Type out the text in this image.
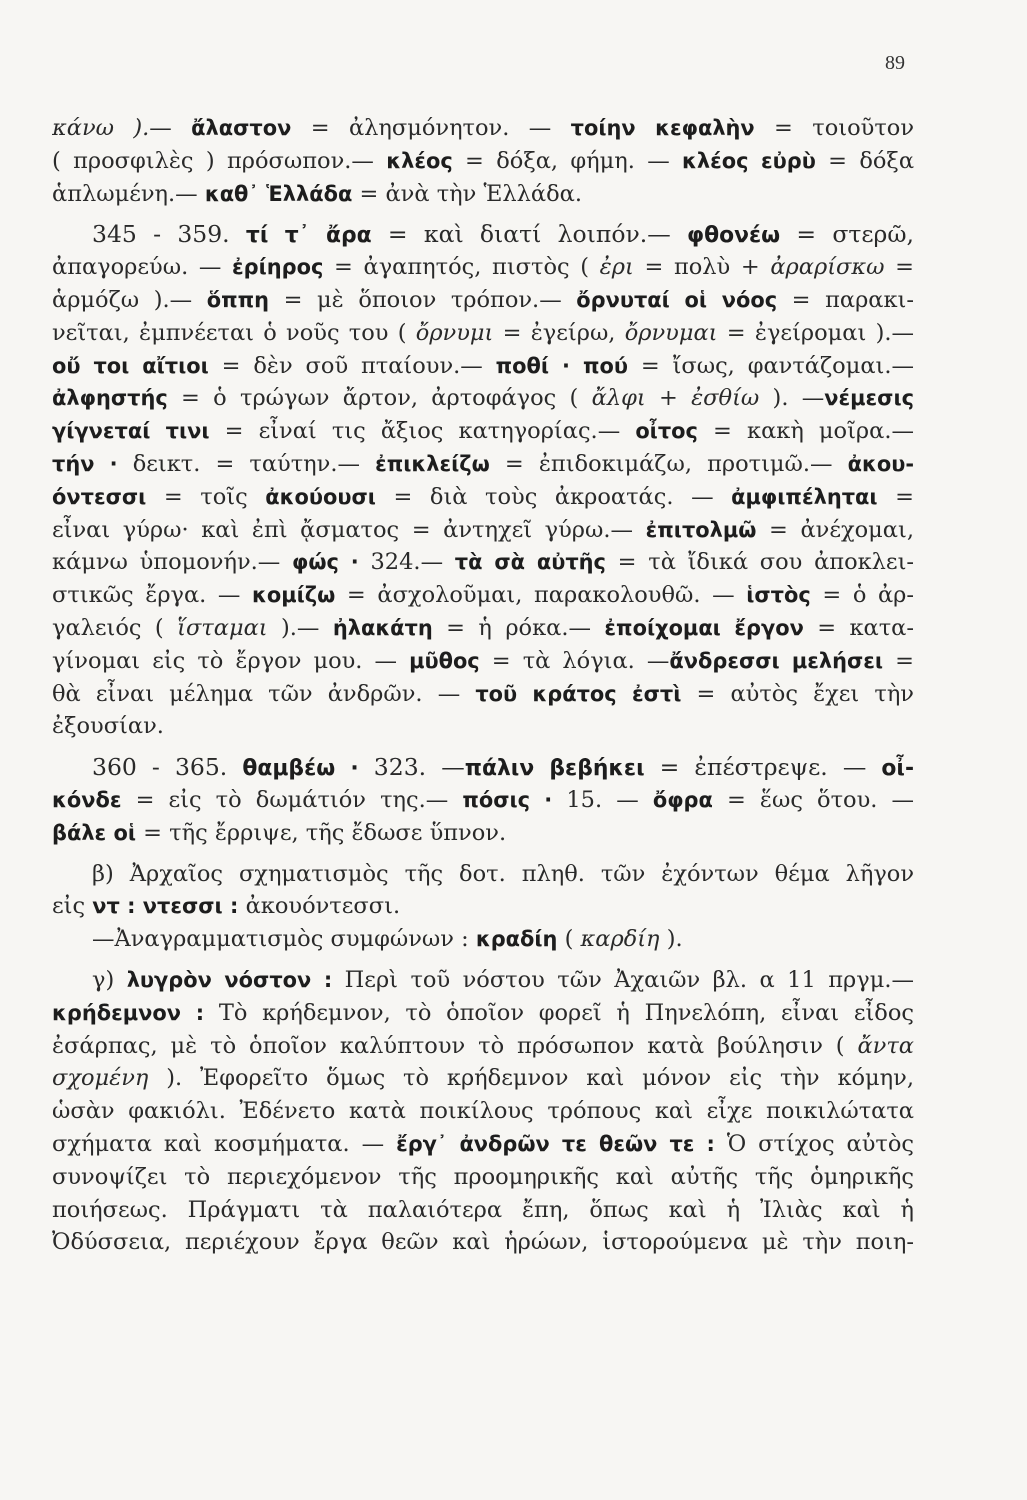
89
κάνω ).— ἄλαστον = ἀλησμόνητον. — τοίην κεφαλὴν = τοιοῦτον
( προσφιλὲς ) πρόσωπον.— κλέος = δόξα, φήμη. — κλέος εὐρὺ = δόξα
ἁπλωμένη.— καθ᾽ Ἑλλάδα = ἀνὰ τὴν Ἑλλάδα.
345 - 359. τί τ᾽ ἄρα = καὶ διατί λοιπόν.— φθονέω = στερῶ,
ἀπαγορεύω. — ἐρίηρος = ἀγαπητός, πιστὸς ( ἐρι = πολὺ + ἀραρίσκω =
ἁρμόζω ).— ὅππη = μὲ ὅποιον τρόπον.— ὄρνυταί οἱ νόος = παρακι-
νεῖται, ἐμπνέεται ὁ νοῦς του ( ὄρνυμι = ἐγείρω, ὄρνυμαι = ἐγείρομαι ).—
οὔ τοι αἴτιοι = δὲν σοῦ πταίουν.— ποθί · πού = ἴσως, φαντάζομαι.—
ἀλφηστής = ὁ τρώγων ἄρτον, ἀρτοφάγος ( ἄλφι + ἐσθίω ). —νέμεσις
γίγνεταί τινι = εἶναί τις ἄξιος κατηγορίας.— οἶτος = κακὴ μοῖρα.—
τήν · δεικτ. = ταύτην.— ἐπικλείζω = ἐπιδοκιμάζω, προτιμῶ.— ἀκου-
όντεσσι = τοῖς ἀκούουσι = διὰ τοὺς ἀκροατάς. — ἀμφιπέληται =
εἶναι γύρω· καὶ ἐπὶ ᾄσματος = ἀντηχεῖ γύρω.— ἐπιτολμῶ = ἀνέχομαι,
κάμνω ὑπομονήν.— φώς · 324.— τὰ σὰ αὐτῆς = τὰ ἴδικά σου ἀποκλει-
στικῶς ἔργα. — κομίζω = ἀσχολοῦμαι, παρακολουθῶ. — ἱστὸς = ὁ ἀρ-
γαλειός ( ἵσταμαι ).— ἠλακάτη = ἡ ρόκα.— ἐποίχομαι ἔργον = κατα-
γίνομαι εἰς τὸ ἔργον μου. — μῦθος = τὰ λόγια. —ἄνδρεσσι μελήσει =
θὰ εἶναι μέλημα τῶν ἀνδρῶν. — τοῦ κράτος ἐστὶ = αὐτὸς ἔχει τὴν
ἐξουσίαν.
360 - 365. θαμβέω · 323. —πάλιν βεβήκει = ἐπέστρεψε. — οἶ-
κόνδε = εἰς τὸ δωμάτιόν της.— πόσις · 15. — ὄφρα = ἕως ὅτου. —
βάλε οἱ = τῆς ἔρριψε, τῆς ἔδωσε ὕπνον.
β) Ἀρχαῖος σχηματισμὸς τῆς δοτ. πληθ. τῶν ἐχόντων θέμα λῆγον
εἰς ντ : ντεσσι : ἀκουόντεσσι.
—Ἀναγραμματισμὸς συμφώνων : κραδίη ( καρδίη ).
γ) λυγρὸν νόστον : Περὶ τοῦ νόστου τῶν Ἀχαιῶν βλ. α 11 πργμ.—
κρήδεμνον : Τὸ κρήδεμνον, τὸ ὁποῖον φορεῖ ἡ Πηνελόπη, εἶναι εἶδος
ἐσάρπας, μὲ τὸ ὁποῖον καλύπτουν τὸ πρόσωπον κατὰ βούλησιν ( ἄντα
σχομένη ). Ἐφορεῖτο ὅμως τὸ κρήδεμνον καὶ μόνον εἰς τὴν κόμην,
ὡσὰν φακιόλι. Ἐδένετο κατὰ ποικίλους τρόπους καὶ εἶχε ποικιλώτατα
σχήματα καὶ κοσμήματα. — ἔργ᾽ ἀνδρῶν τε θεῶν τε : Ὁ στίχος αὐτὸς
συνοψίζει τὸ περιεχόμενον τῆς προομηρικῆς καὶ αὐτῆς τῆς ὁμηρικῆς
ποιήσεως. Πράγματι τὰ παλαιότερα ἔπη, ὅπως καὶ ἡ Ἰλιὰς καὶ ἡ
Ὀδύσσεια, περιέχουν ἔργα θεῶν καὶ ἡρώων, ἱστορούμενα μὲ τὴν ποιη-
